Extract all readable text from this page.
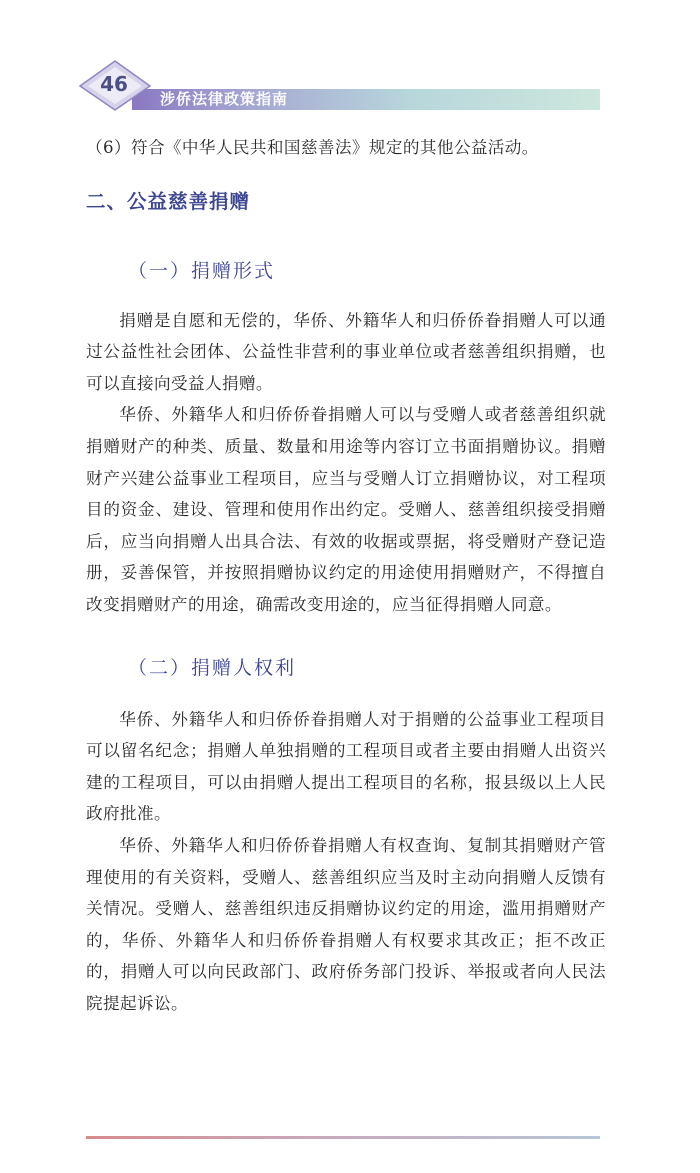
涉侨法律政策指南
46

（6）符合《中华人民共和国慈善法》规定的其他公益活动。

二、公益慈善捐赠

（一）捐赠形式

捐赠是自愿和无偿的，华侨、外籍华人和归侨侨眷捐赠人可以通过公益性社会团体、公益性非营利的事业单位或者慈善组织捐赠，也可以直接向受益人捐赠。

华侨、外籍华人和归侨侨眷捐赠人可以与受赠人或者慈善组织就捐赠财产的种类、质量、数量和用途等内容订立书面捐赠协议。捐赠财产兴建公益事业工程项目，应当与受赠人订立捐赠协议，对工程项目的资金、建设、管理和使用作出约定。受赠人、慈善组织接受捐赠后，应当向捐赠人出具合法、有效的收据或票据，将受赠财产登记造册，妥善保管，并按照捐赠协议约定的用途使用捐赠财产，不得擅自改变捐赠财产的用途，确需改变用途的，应当征得捐赠人同意。

（二）捐赠人权利

华侨、外籍华人和归侨侨眷捐赠人对于捐赠的公益事业工程项目可以留名纪念；捐赠人单独捐赠的工程项目或者主要由捐赠人出资兴建的工程项目，可以由捐赠人提出工程项目的名称，报县级以上人民政府批准。

华侨、外籍华人和归侨侨眷捐赠人有权查询、复制其捐赠财产管理使用的有关资料，受赠人、慈善组织应当及时主动向捐赠人反馈有关情况。受赠人、慈善组织违反捐赠协议约定的用途，滥用捐赠财产的，华侨、外籍华人和归侨侨眷捐赠人有权要求其改正；拒不改正的，捐赠人可以向民政部门、政府侨务部门投诉、举报或者向人民法院提起诉讼。
